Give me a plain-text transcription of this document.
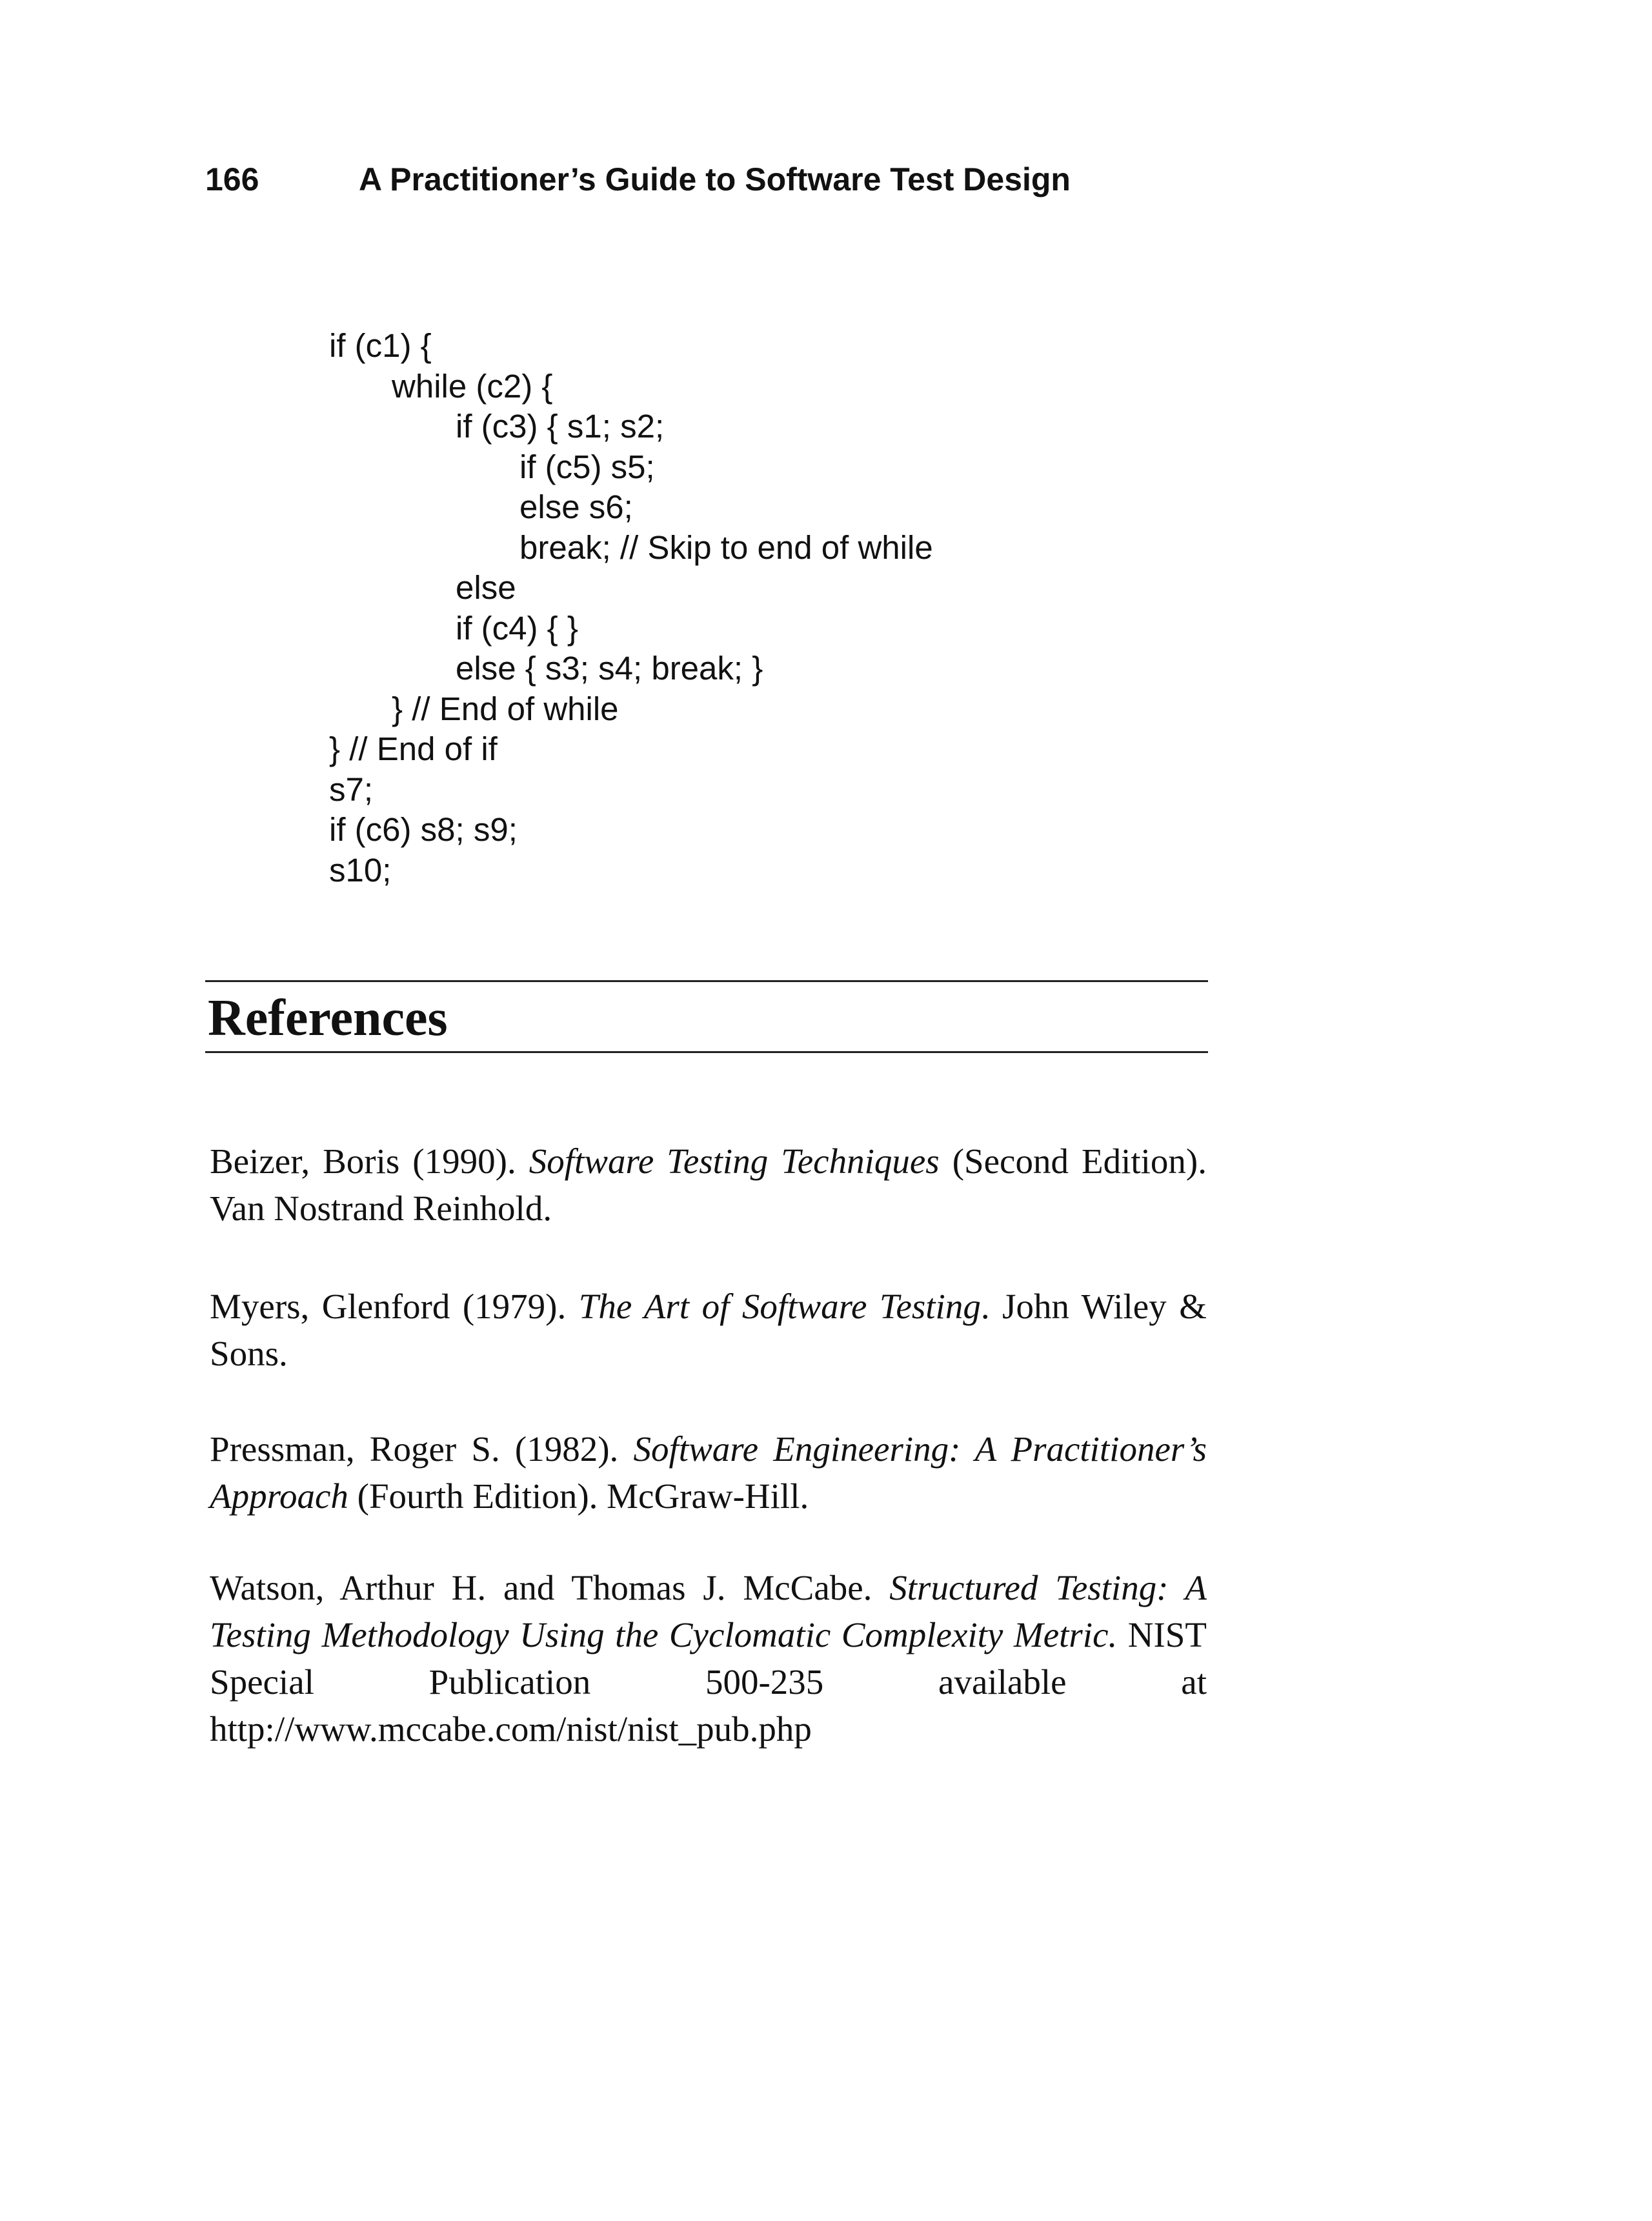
166	A Practitioner’s Guide to Software Test Design
if (c1) {
while (c2) {
if (c3) { s1; s2;
if (c5) s5;
else s6;
break; // Skip to end of while
else
if (c4) { }
else { s3; s4; break; }
} // End of while
} // End of if
s7;
if (c6) s8; s9;
s10;
References

Beizer, Boris (1990). Software Testing Techniques (Second Edition). Van Nostrand Reinhold.

Myers, Glenford (1979). The Art of Software Testing. John Wiley & Sons.

Pressman, Roger S. (1982). Software Engineering: A Practitioner’s Approach (Fourth Edition). McGraw-Hill.

Watson, Arthur H. and Thomas J. McCabe. Structured Testing: A Testing Methodology Using the Cyclomatic Complexity Metric. NIST Special Publication 500-235 available at http://www.mccabe.com/nist/nist_pub.php
